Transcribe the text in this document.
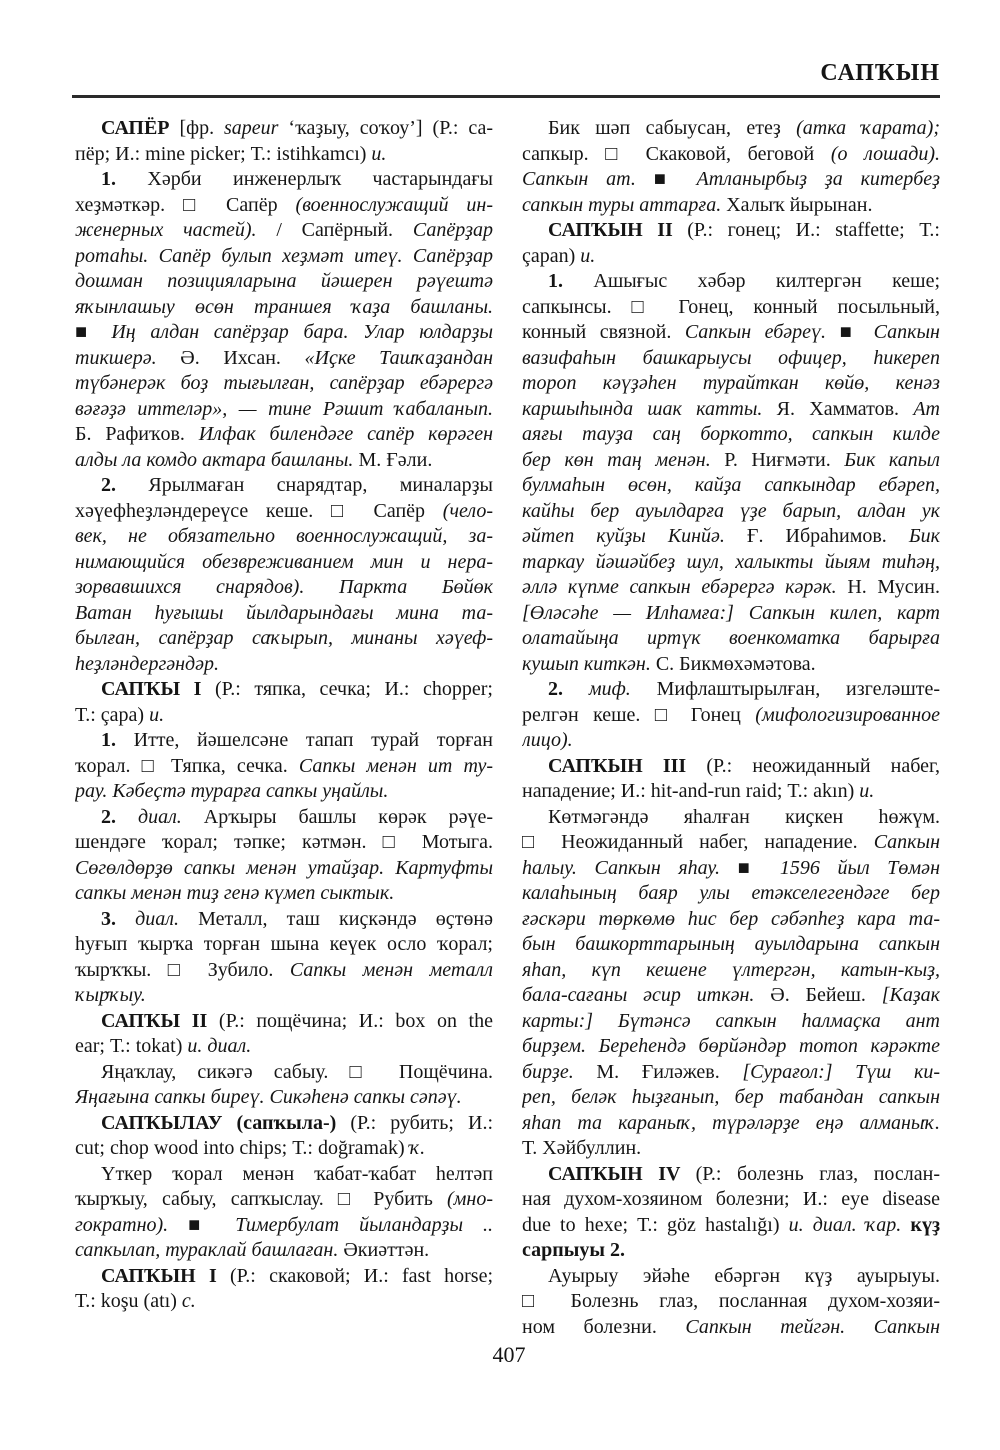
САПҠЫН
САПЁР [фр. sapeur ‘ҡаҙыу, соҡоу’] (Р.: са-
пёр; И.: mine picker; Т.: istihkamcı) и.
1. Хәрби инженерлыҡ частарындағы
хеҙмәткәр. □ Сапёр (военнослужащий ин-
женерных частей). / Сапёрный. Сапёрҙар
ротаһы. Сапёр булып хеҙмәт итеү. Сапёрҙар
дошман позицияларына йәшерен рәүештә
яҡынлашыу өсөн траншея ҡаҙа башланы.
■ Иң алдан сапёрҙар бара. Улар юлдарҙы
тикшерә. Ә. Ихсан. «Иҫке Ташҡаҙандан
түбәнерәк боҙ тығылған, сапёрҙар ебәрергә
вәғәҙә иттеләр», — тине Рәшит ҡабаланып.
Б. Рафиҡов. Илфак билендәге сапёр көрәген
алды ла комдо актара башланы. М. Ғәли.
2. Ярылмаған снарядтар, миналарҙы
хәүефһеҙләндереүсе кеше. □ Сапёр (чело-
век, не обязательно военнослужащий, за-
нимающийся обезвреживанием мин и нера-
зорвавшихся снарядов). Паркта Бөйөк
Ватан һуғышы йылдарындағы мина та-
былған, сапёрҙар саҡырып, минаны хәүеф-
һеҙләндергәндәр.
САПҠЫ I (Р.: тяпка, сечка; И.: chopper;
Т.: çapa) и.
1. Итте, йәшелсәне тапап турай торған
ҡорал. □ Тяпка, сечка. Сапкы менән ит ту-
рау. Кәбеҫтә турарға сапкы уңайлы.
2. диал. Арҡыры башлы көрәк рәүе-
шендәге ҡорал; тәпке; кәтмән. □ Мотыга.
Сөгөлдөрҙө сапкы менән утайҙар. Картуфты
сапкы менән тиҙ генә күмеп сыктык.
3. диал. Металл, таш киҫкәндә өҫтөнә
һуғып ҡырҡа торған шына кеүек осло ҡорал;
ҡырҡҡы. □ Зубило. Сапкы менән металл
ҡырҡыу.
САПҠЫ II (Р.: пощёчина; И.: box on the
ear; Т.: tokat) и. диал.
Яңаҡлау, сикәгә сабыу. □ Пощёчина.
Яңағына сапкы биреү. Сикәһенә сапкы сәпәү.
САПҠЫЛАУ (сапҡыла-) (Р.: рубить; И.:
cut; chop wood into chips; Т.: doğramak) ҡ.
Үткер ҡорал менән ҡабат-ҡабат һелтәп
ҡырҡыу, сабыу, сапҡыслау. □ Рубить (мно-
гократно). ■ Тимербулат йыландарҙы ..
сапкылап, тураклай башлаған. Әкиәттән.
САПҠЫН I (Р.: скаковой; И.: fast horse;
Т.: koşu (atı) с.
Бик шәп сабыусан, етеҙ (атка ҡарата);
сапкыр. □ Скаковой, беговой (о лошади).
Сапкын ат. ■ Атланырбыҙ ҙа китербеҙ
сапкын туры аттарға. Халыҡ йырынан.
САПҠЫН II (Р.: гонец; И.: staffette; Т.:
çapan) и.
1. Ашығыс хәбәр килтергән кеше;
сапкынсы. □ Гонец, конный посыльный,
конный связной. Сапкын ебәреү. ■ Сапкын
вазифаһын башкарыусы офицер, һикереп
тороп кәүҙәһен турайткан көйө, кенәз
каршыһында шак катты. Я. Хамматов. Ат
аяғы тауҙа саң боркотто, сапкын килде
бер көн таң менән. Р. Ниғмәти. Бик капыл
булмаһын өсөн, кайҙа сапкындар ебәреп,
кайһы бер ауылдарға үҙе барып, алдан ук
әйтеп куйҙы Кинйә. Ғ. Ибраһимов. Бик
таркау йәшәйбеҙ шул, халыкты йыям тиһәң,
әллә күпме сапкын ебәрергә кәрәк. Н. Мусин.
[Өләсәһе — Илһамға:] Сапкын килеп, карт
олатайыңа иртүк военкоматка барырға
кушып киткән. С. Бикмөхәмәтова.
2. миф. Мифлаштырылған, изгеләште-
релгән кеше. □ Гонец (мифологизированное
лицо).
САПҠЫН III (Р.: неожиданный набег,
нападение; И.: hit-and-run raid; Т.: akın) и.
Көтмәгәндә яһалған киҫкен һөжүм.
□ Неожиданный набег, нападение. Сапкын
һалыу. Сапкын яһау. ■ 1596 йыл Төмән
калаһының баяр улы етәкселегендәге бер
ғәскәри төркөмө һис бер сәбәпһеҙ кара та-
бын башкорттарының ауылдарына сапкын
яһап, күп кешене үлтергән, катын-кыҙ,
бала-сағаны әсир иткән. Ә. Бейеш. [Каҙак
карты:] Бүтәнсә сапкын һалмаҫка ант
бирҙем. Береһендә бөрйәндәр тотоп кәрәкте
бирҙе. М. Ғиләжев. [Сурағол:] Түш ки-
реп, беләк һыҙғанып, бер табандан сапкын
яһап та караныҡ, түрәләрҙе еңә алманыҡ.
Т. Хәйбуллин.
САПҠЫН IV (Р.: болезнь глаз, послан-
ная духом-хозяином болезни; И.: eye disease
due to hexe; Т.: göz hastalığı) и. диал. ҡар. күҙ
сарпыуы 2.
Ауырыу эйәһе ебәргән күҙ ауырыуы.
□ Болезнь глаз, посланная духом-хозяи-
ном болезни. Сапкын тейгән. Сапкын
407
